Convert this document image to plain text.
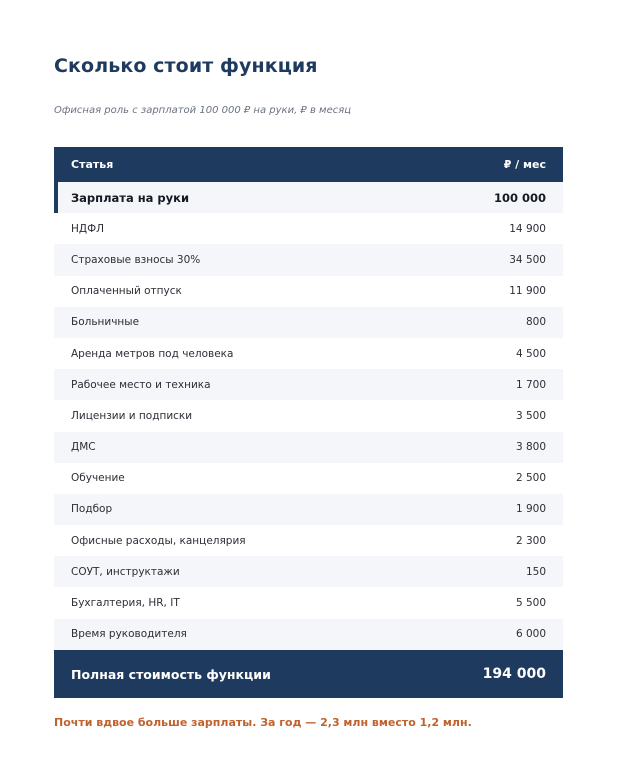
Сколько стоит функция

Офисная роль с зарплатой 100 000 ₽ на руки, ₽ в месяц

Статья	₽ / мес
Зарплата на руки	100 000
НДФЛ	14 900
Страховые взносы 30%	34 500
Оплаченный отпуск	11 900
Больничные	800
Аренда метров под человека	4 500
Рабочее место и техника	1 700
Лицензии и подписки	3 500
ДМС	3 800
Обучение	2 500
Подбор	1 900
Офисные расходы, канцелярия	2 300
СОУТ, инструктажи	150
Бухгалтерия, HR, IT	5 500
Время руководителя	6 000
Полная стоимость функции	194 000

Почти вдвое больше зарплаты. За год — 2,3 млн вместо 1,2 млн.
